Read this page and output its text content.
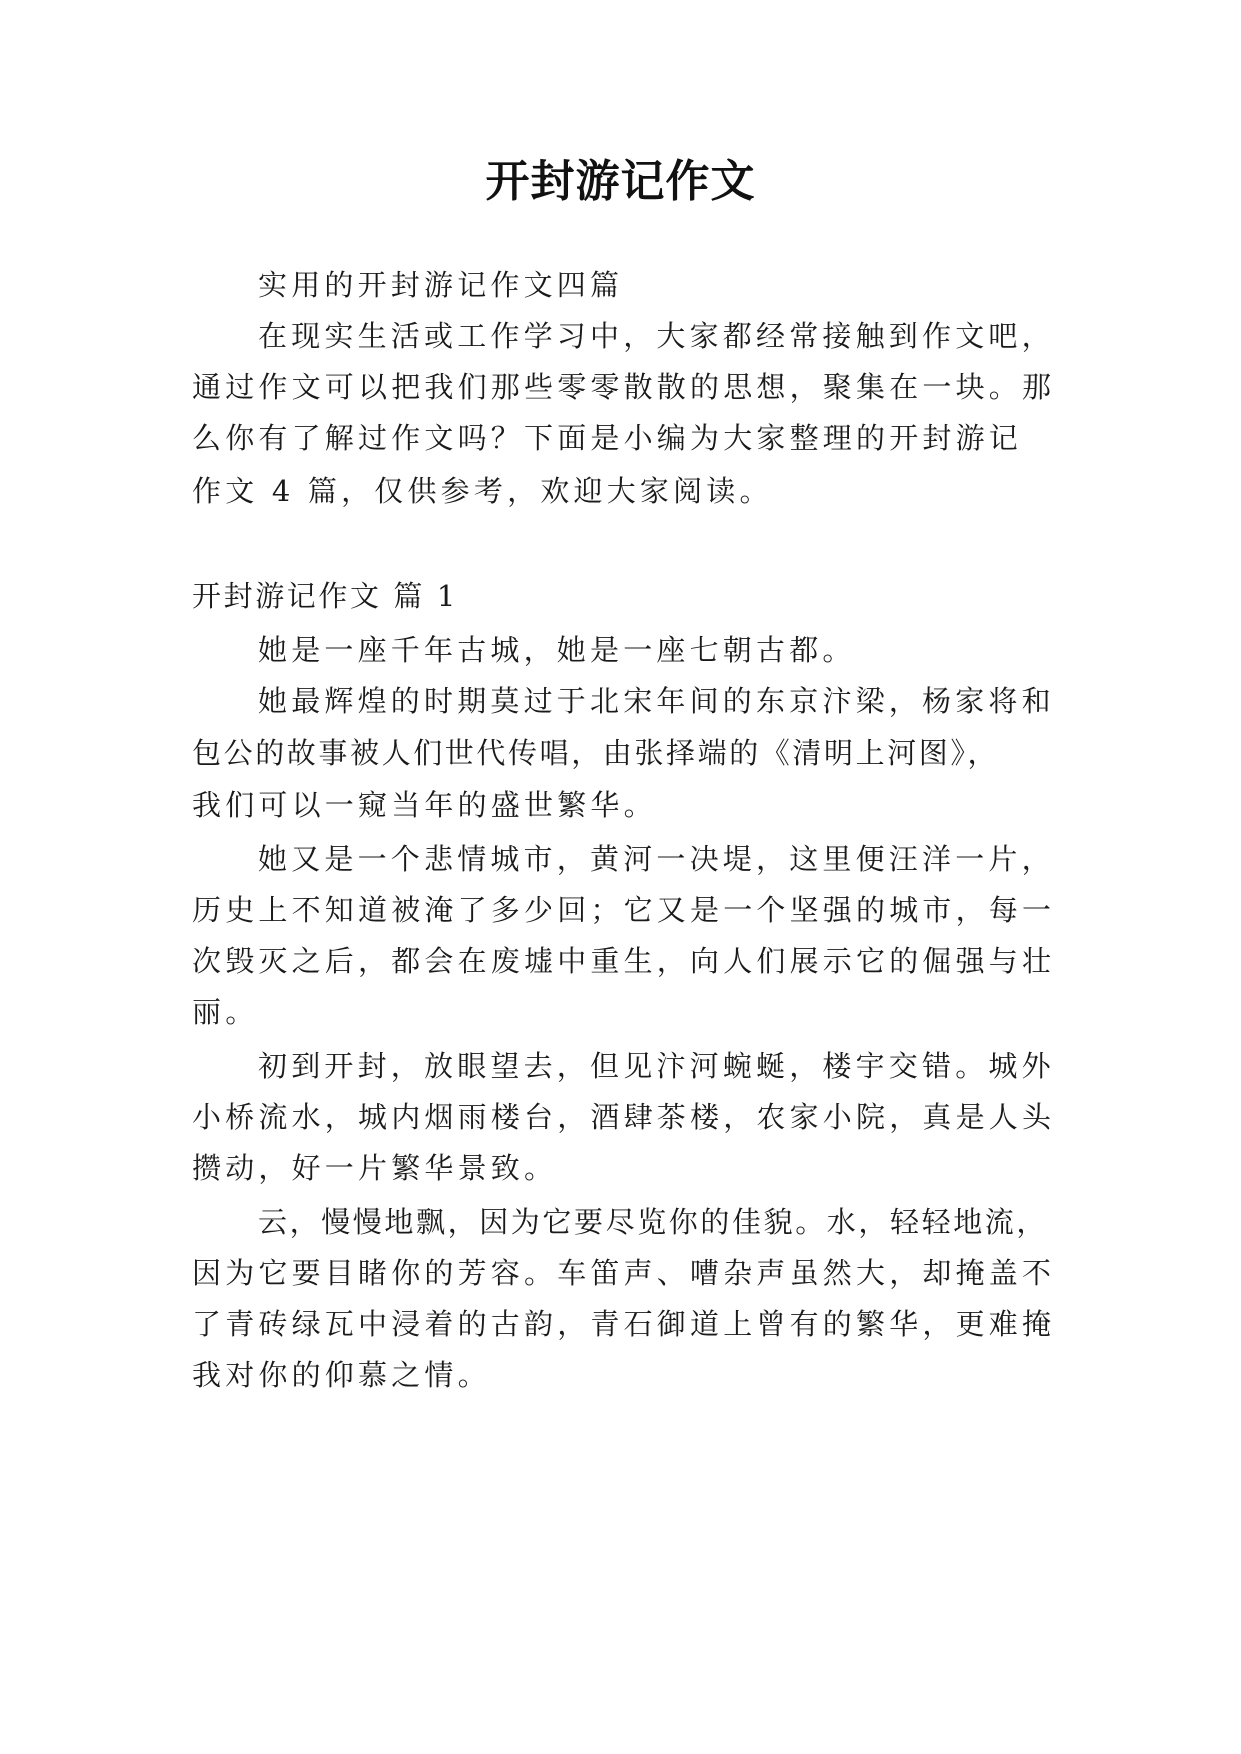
开封游记作文

实用的开封游记作文四篇

在现实生活或工作学习中，大家都经常接触到作文吧，

通过作文可以把我们那些零零散散的思想，聚集在一块。那

么你有了解过作文吗？下面是小编为大家整理的开封游记

作文 4 篇，仅供参考，欢迎大家阅读。

开封游记作文 篇 1

她是一座千年古城，她是一座七朝古都。

她最辉煌的时期莫过于北宋年间的东京汴梁，杨家将和

包公的故事被人们世代传唱，由张择端的《清明上河图》，

我们可以一窥当年的盛世繁华。

她又是一个悲情城市，黄河一决堤，这里便汪洋一片，

历史上不知道被淹了多少回；它又是一个坚强的城市，每一

次毁灭之后，都会在废墟中重生，向人们展示它的倔强与壮

丽。

初到开封，放眼望去，但见汴河蜿蜒，楼宇交错。城外

小桥流水，城内烟雨楼台，酒肆茶楼，农家小院，真是人头

攒动，好一片繁华景致。

云，慢慢地飘，因为它要尽览你的佳貌。水，轻轻地流，

因为它要目睹你的芳容。车笛声、嘈杂声虽然大，却掩盖不

了青砖绿瓦中浸着的古韵，青石御道上曾有的繁华，更难掩

我对你的仰慕之情。
